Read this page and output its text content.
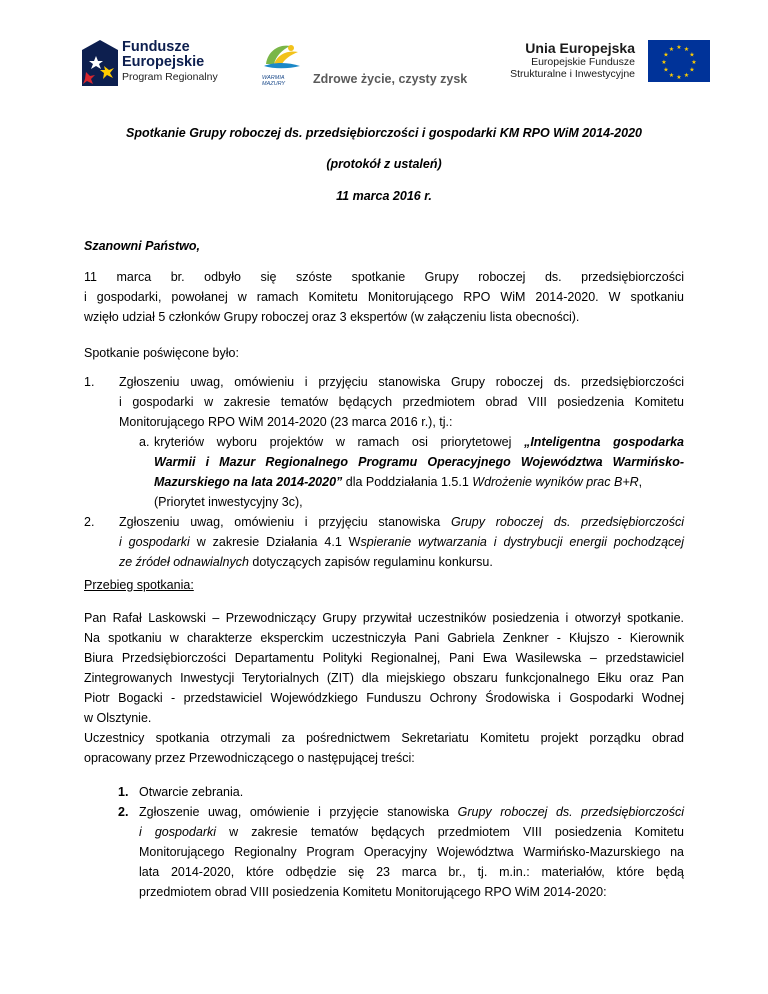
Fundusze
Europejskie
Program Regionalny	WARMIA
MAZURY	Zdrowe życie, czysty zysk
Unia Europejska
Europejskie Fundusze
Strukturalne i Inwestycyjne
★ ★
★
★
★
★
★
★
★
★
★
★
Spotkanie Grupy roboczej ds. przedsiębiorczości i gospodarki KM RPO WiM 2014-2020
(protokół z ustaleń)
11 marca 2016 r.
Szanowni Państwo,
11 marca br. odbyło się szóste spotkanie Grupy roboczej ds. przedsiębiorczości
i gospodarki, powołanej w ramach Komitetu Monitorującego RPO WiM 2014-2020. W spotkaniu
wzięło udział 5 członków Grupy roboczej oraz 3 ekspertów (w załączeniu lista obecności).
Spotkanie poświęcone było:
1. Zgłoszeniu uwag, omówieniu i przyjęciu stanowiska Grupy roboczej ds. przedsiębiorczości
i gospodarki w zakresie tematów będących przedmiotem obrad VIII posiedzenia Komitetu
Monitorującego RPO WiM 2014-2020 (23 marca 2016 r.), tj.:
a. kryteriów wyboru projektów w ramach osi priorytetowej „Inteligentna gospodarka
Warmii i Mazur Regionalnego Programu Operacyjnego Województwa Warmińsko-
Mazurskiego na lata 2014-2020” dla Poddziałania 1.5.1 Wdrożenie wyników prac B+R,
(Priorytet inwestycyjny 3c),
2. Zgłoszeniu uwag, omówieniu i przyjęciu stanowiska Grupy roboczej ds. przedsiębiorczości
i gospodarki w zakresie Działania 4.1 Wspieranie wytwarzania i dystrybucji energii pochodzącej
ze źródeł odnawialnych dotyczących zapisów regulaminu konkursu.
Przebieg spotkania:
Pan Rafał Laskowski – Przewodniczący Grupy przywitał uczestników posiedzenia i otworzył spotkanie.
Na spotkaniu w charakterze eksperckim uczestniczyła Pani Gabriela Zenkner - Kłujszo - Kierownik
Biura Przedsiębiorczości Departamentu Polityki Regionalnej, Pani Ewa Wasilewska – przedstawiciel
Zintegrowanych Inwestycji Terytorialnych (ZIT) dla miejskiego obszaru funkcjonalnego Ełku oraz Pan
Piotr Bogacki - przedstawiciel Wojewódzkiego Funduszu Ochrony Środowiska i Gospodarki Wodnej
w Olsztynie.
Uczestnicy spotkania otrzymali za pośrednictwem Sekretariatu Komitetu projekt porządku obrad
opracowany przez Przewodniczącego o następującej treści:
1. Otwarcie zebrania.
2. Zgłoszenie uwag, omówienie i przyjęcie stanowiska Grupy roboczej ds. przedsiębiorczości
i gospodarki w zakresie tematów będących przedmiotem VIII posiedzenia Komitetu
Monitorującego Regionalny Program Operacyjny Województwa Warmińsko-Mazurskiego na
lata 2014-2020, które odbędzie się 23 marca br., tj. m.in.: materiałów, które będą
przedmiotem obrad VIII posiedzenia Komitetu Monitorującego RPO WiM 2014-2020:
